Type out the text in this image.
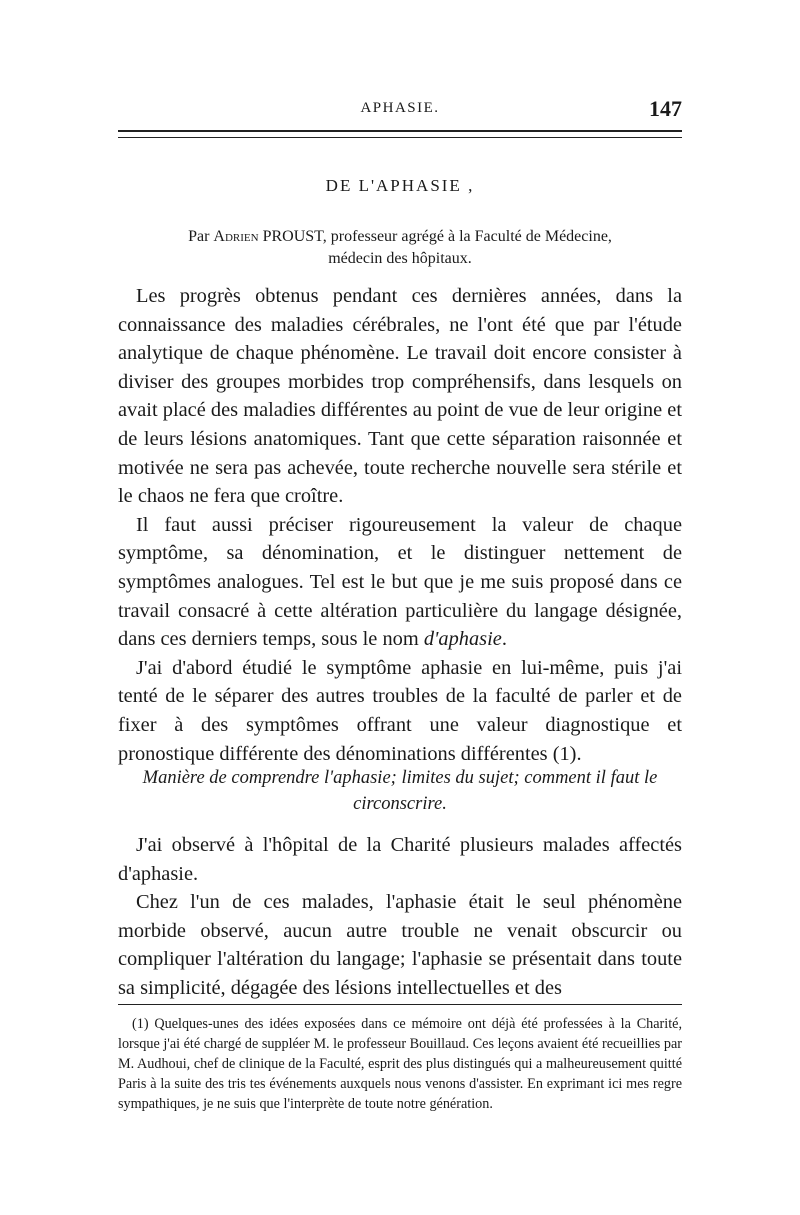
APHASIE.	147
DE L'APHASIE ,
Par Adrien PROUST, professeur agrégé à la Faculté de Médecine,
médecin des hôpitaux.

Les progrès obtenus pendant ces dernières années, dans la connaissance des maladies cérébrales, ne l'ont été que par l'étude analytique de chaque phénomène. Le travail doit encore consister à diviser des groupes morbides trop compréhensifs, dans lesquels on avait placé des maladies différentes au point de vue de leur origine et de leurs lésions anatomiques. Tant que cette séparation raisonnée et motivée ne sera pas achevée, toute recherche nouvelle sera stérile et le chaos ne fera que croître.

Il faut aussi préciser rigoureusement la valeur de chaque symptôme, sa dénomination, et le distinguer nettement de symptômes analogues. Tel est le but que je me suis proposé dans ce travail consacré à cette altération particulière du langage désignée, dans ces derniers temps, sous le nom d'aphasie.

J'ai d'abord étudié le symptôme aphasie en lui-même, puis j'ai tenté de le séparer des autres troubles de la faculté de parler et de fixer à des symptômes offrant une valeur diagnostique et pronostique différente des dénominations différentes (1).

Manière de comprendre l'aphasie; limites du sujet; comment il faut le circonscrire.

J'ai observé à l'hôpital de la Charité plusieurs malades affectés d'aphasie.

Chez l'un de ces malades, l'aphasie était le seul phénomène morbide observé, aucun autre trouble ne venait obscurcir ou compliquer l'altération du langage; l'aphasie se présentait dans toute sa simplicité, dégagée des lésions intellectuelles et des

(1) Quelques-unes des idées exposées dans ce mémoire ont déjà été professées à la Charité, lorsque j'ai été chargé de suppléer M. le professeur Bouillaud. Ces leçons avaient été recueillies par M. Audhoui, chef de clinique de la Faculté, esprit des plus distingués qui a malheureusement quitté Paris à la suite des tris tes événements auxquels nous venons d'assister. En exprimant ici mes regre sympathiques, je ne suis que l'interprète de toute notre génération.
